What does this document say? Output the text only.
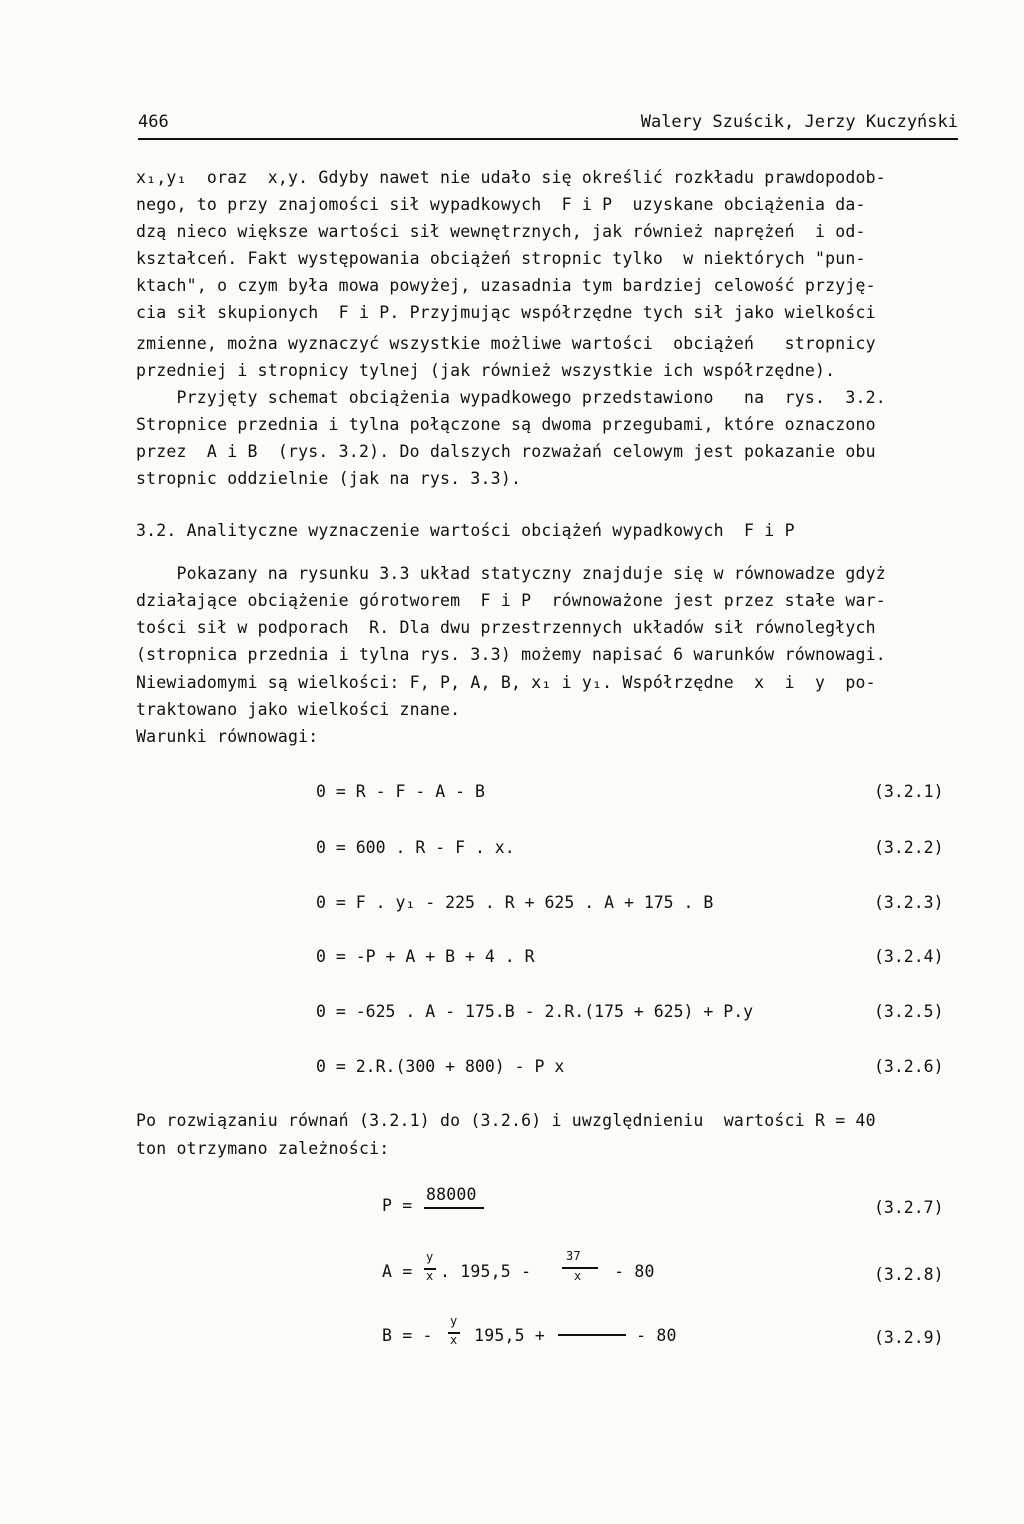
466	Walery Szuścik, Jerzy Kuczyński
x₁,y₁  oraz  x,y. Gdyby nawet nie udało się określić rozkładu prawdopodob-
nego, to przy znajomości sił wypadkowych  F i P  uzyskane obciążenia da-
dzą nieco większe wartości sił wewnętrznych, jak również naprężeń  i od-
kształceń. Fakt występowania obciążeń stropnic tylko  w niektórych "pun-
ktach", o czym była mowa powyżej, uzasadnia tym bardziej celowość przyję-
cia sił skupionych  F i P. Przyjmując współrzędne tych sił jako wielkości
zmienne, można wyznaczyć wszystkie możliwe wartości  obciążeń   stropnicy
przedniej i stropnicy tylnej (jak również wszystkie ich współrzędne).
Przyjęty schemat obciążenia wypadkowego przedstawiono   na  rys.  3.2.
Stropnice przednia i tylna połączone są dwoma przegubami, które oznaczono
przez  A i B  (rys. 3.2). Do dalszych rozważań celowym jest pokazanie obu
stropnic oddzielnie (jak na rys. 3.3).
3.2. Analityczne wyznaczenie wartości obciążeń wypadkowych  F i P
Pokazany na rysunku 3.3 układ statyczny znajduje się w równowadze gdyż
działające obciążenie górotworem  F i P  równoważone jest przez stałe war-
tości sił w podporach  R. Dla dwu przestrzennych układów sił równoległych
(stropnica przednia i tylna rys. 3.3) możemy napisać 6 warunków równowagi.
Niewiadomymi są wielkości: F, P, A, B, x₁ i y₁. Współrzędne  x  i  y  po-
traktowano jako wielkości znane.
Warunki równowagi:
0 = R - F - A - B	(3.2.1)
0 = 600 . R - F . x.	(3.2.2)
0 = F . y₁ - 225 . R + 625 . A + 175 . B	(3.2.3)
0 = -P + A + B + 4 . R	(3.2.4)
0 = -625 . A - 175.B - 2.R.(175 + 625) + P.y	(3.2.5)
0 = 2.R.(300 + 800) - P x	(3.2.6)
Po rozwiązaniu równań (3.2.1) do (3.2.6) i uwzględnieniu  wartości R = 40
ton otrzymano zależności:
P =
88000
(3.2.7)
A =
y
x . 195,5 -
37
x - 80	(3.2.8)
B = -
y
x 195,5 +	- 80	(3.2.9)
